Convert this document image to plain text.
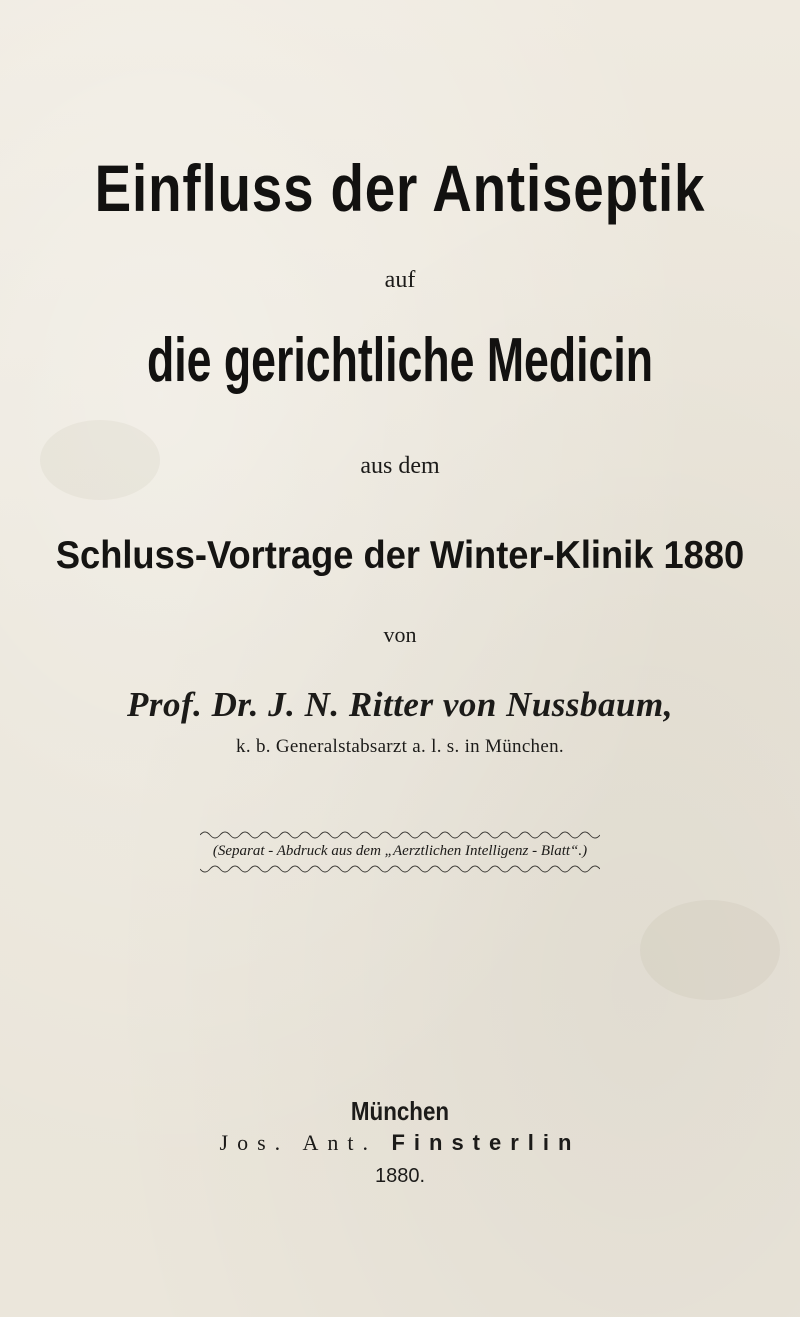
Einfluss der Antiseptik
auf
die gerichtliche Medicin
aus dem
Schluss-Vortrage der Winter-Klinik 1880
von
Prof. Dr. J. N. Ritter von Nussbaum,
k. b. Generalstabsarzt a. l. s. in München.
(Separat - Abdruck aus dem „Aerztlichen Intelligenz - Blatt“.)
München
Jos. Ant. Finsterlin
1880.
